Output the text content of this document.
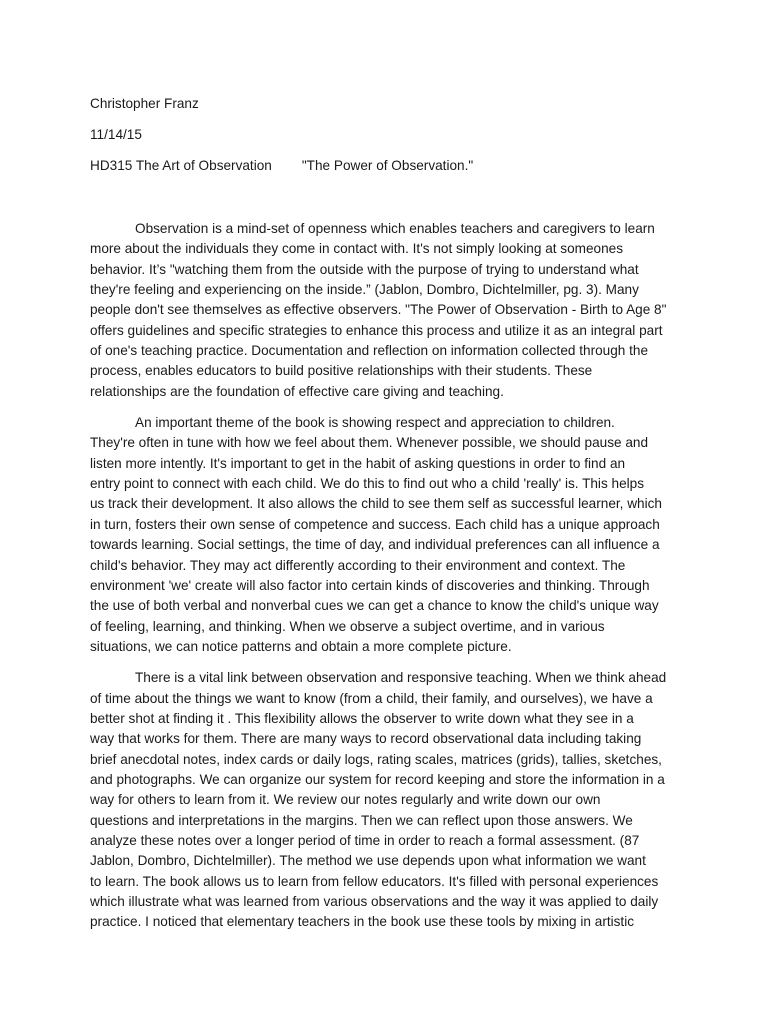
Christopher Franz
11/14/15
HD315 The Art of Observation "The Power of Observation."
Observation is a mind-set of openness which enables teachers and caregivers to learn
more about the individuals they come in contact with. It's not simply looking at someones
behavior. It’s "watching them from the outside with the purpose of trying to understand what
they're feeling and experiencing on the inside.” (Jablon, Dombro, Dichtelmiller, pg. 3). Many
people don't see themselves as effective observers. "The Power of Observation - Birth to Age 8"
offers guidelines and specific strategies to enhance this process and utilize it as an integral part
of one's teaching practice. Documentation and reflection on information collected through the
process, enables educators to build positive relationships with their students. These
relationships are the foundation of effective care giving and teaching.
An important theme of the book is showing respect and appreciation to children.
They're often in tune with how we feel about them. Whenever possible, we should pause and
listen more intently. It's important to get in the habit of asking questions in order to find an
entry point to connect with each child. We do this to find out who a child 'really' is. This helps
us track their development. It also allows the child to see them self as successful learner, which
in turn, fosters their own sense of competence and success. Each child has a unique approach
towards learning. Social settings, the time of day, and individual preferences can all influence a
child's behavior. They may act differently according to their environment and context. The
environment 'we' create will also factor into certain kinds of discoveries and thinking. Through
the use of both verbal and nonverbal cues we can get a chance to know the child's unique way
of feeling, learning, and thinking. When we observe a subject overtime, and in various
situations, we can notice patterns and obtain a more complete picture.
There is a vital link between observation and responsive teaching. When we think ahead
of time about the things we want to know (from a child, their family, and ourselves), we have a
better shot at finding it . This flexibility allows the observer to write down what they see in a
way that works for them. There are many ways to record observational data including taking
brief anecdotal notes, index cards or daily logs, rating scales, matrices (grids), tallies, sketches,
and photographs. We can organize our system for record keeping and store the information in a
way for others to learn from it. We review our notes regularly and write down our own
questions and interpretations in the margins. Then we can reflect upon those answers. We
analyze these notes over a longer period of time in order to reach a formal assessment. (87
Jablon, Dombro, Dichtelmiller). The method we use depends upon what information we want
to learn. The book allows us to learn from fellow educators. It's filled with personal experiences
which illustrate what was learned from various observations and the way it was applied to daily
practice. I noticed that elementary teachers in the book use these tools by mixing in artistic
